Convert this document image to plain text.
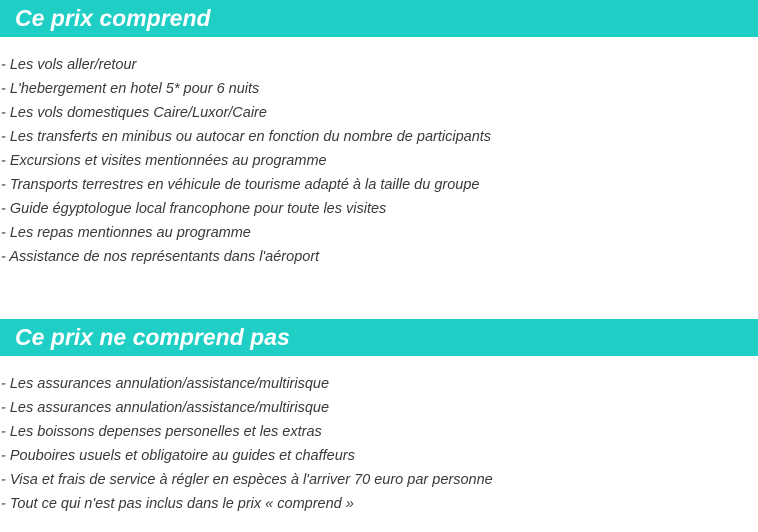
Ce prix comprend
- Les vols aller/retour
- L'hebergement en hotel 5* pour 6 nuits
- Les vols domestiques Caire/Luxor/Caire
- Les transferts en minibus ou autocar en fonction du nombre de participants
- Excursions et visites mentionnées au programme
- Transports terrestres en véhicule de tourisme adapté à la taille du groupe
- Guide égyptologue local francophone pour toute les visites
- Les repas mentionnes au programme
- Assistance de nos représentants dans l'aéroport
Ce prix ne comprend pas
- Les assurances annulation/assistance/multirisque
- Les assurances annulation/assistance/multirisque
- Les boissons depenses personelles et les extras
- Pouboires usuels et obligatoire au guides et chaffeurs
- Visa et frais de service à régler en espèces à l'arriver 70 euro par personne
- Tout ce qui n'est pas inclus dans le prix « comprend »
